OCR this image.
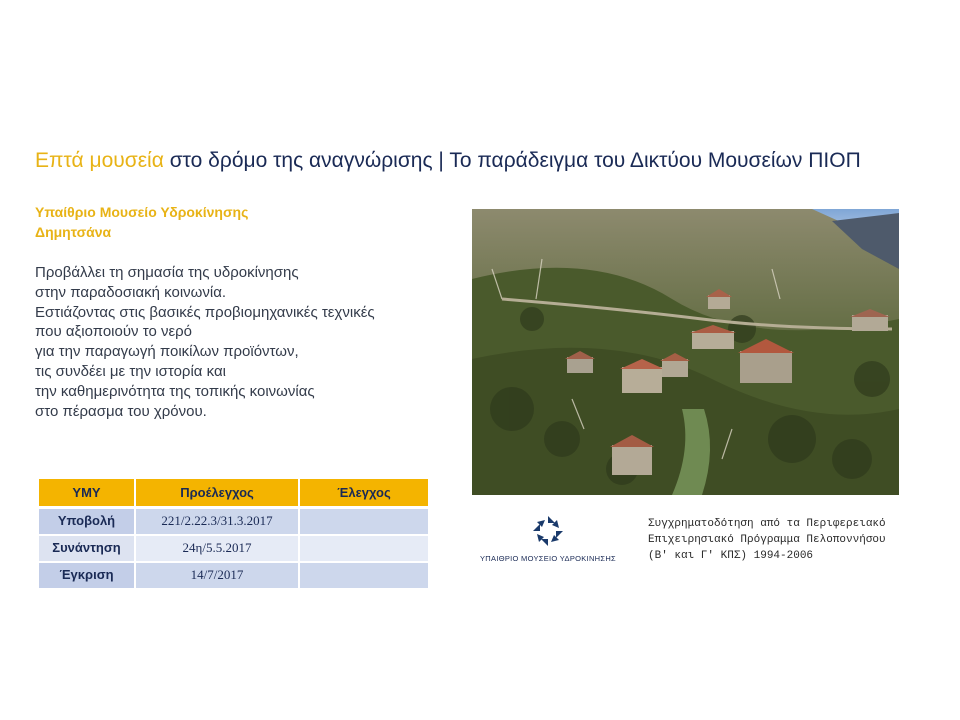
Επτά μουσεία στο δρόμο της αναγνώρισης | Το παράδειγμα του Δικτύου Μουσείων ΠΙΟΠ
Υπαίθριο Μουσείο Υδροκίνησης
Δημητσάνα
Προβάλλει τη σημασία της υδροκίνησης
στην παραδοσιακή κοινωνία.
Εστιάζοντας στις βασικές προβιομηχανικές τεχνικές
που αξιοποιούν το νερό
για την παραγωγή ποικίλων προϊόντων,
τις συνδέει με την ιστορία και
την καθημερινότητα της τοπικής κοινωνίας
στο πέρασμα του χρόνου.
ΥΜΥ	Προέλεγχος	Έλεγχος
Υποβολή	221/2.22.3/31.3.2017	
Συνάντηση	24η/5.5.2017	
Έγκριση	14/7/2017	
ΥΠΑΙΘΡΙΟ ΜΟΥΣΕΙΟ ΥΔΡΟΚΙΝΗΣΗΣ
Συγχρηματοδότηση από τα Περιφερειακό
Επιχειρησιακό Πρόγραμμα Πελοποννήσου
(Β' και Γ' ΚΠΣ) 1994-2006
